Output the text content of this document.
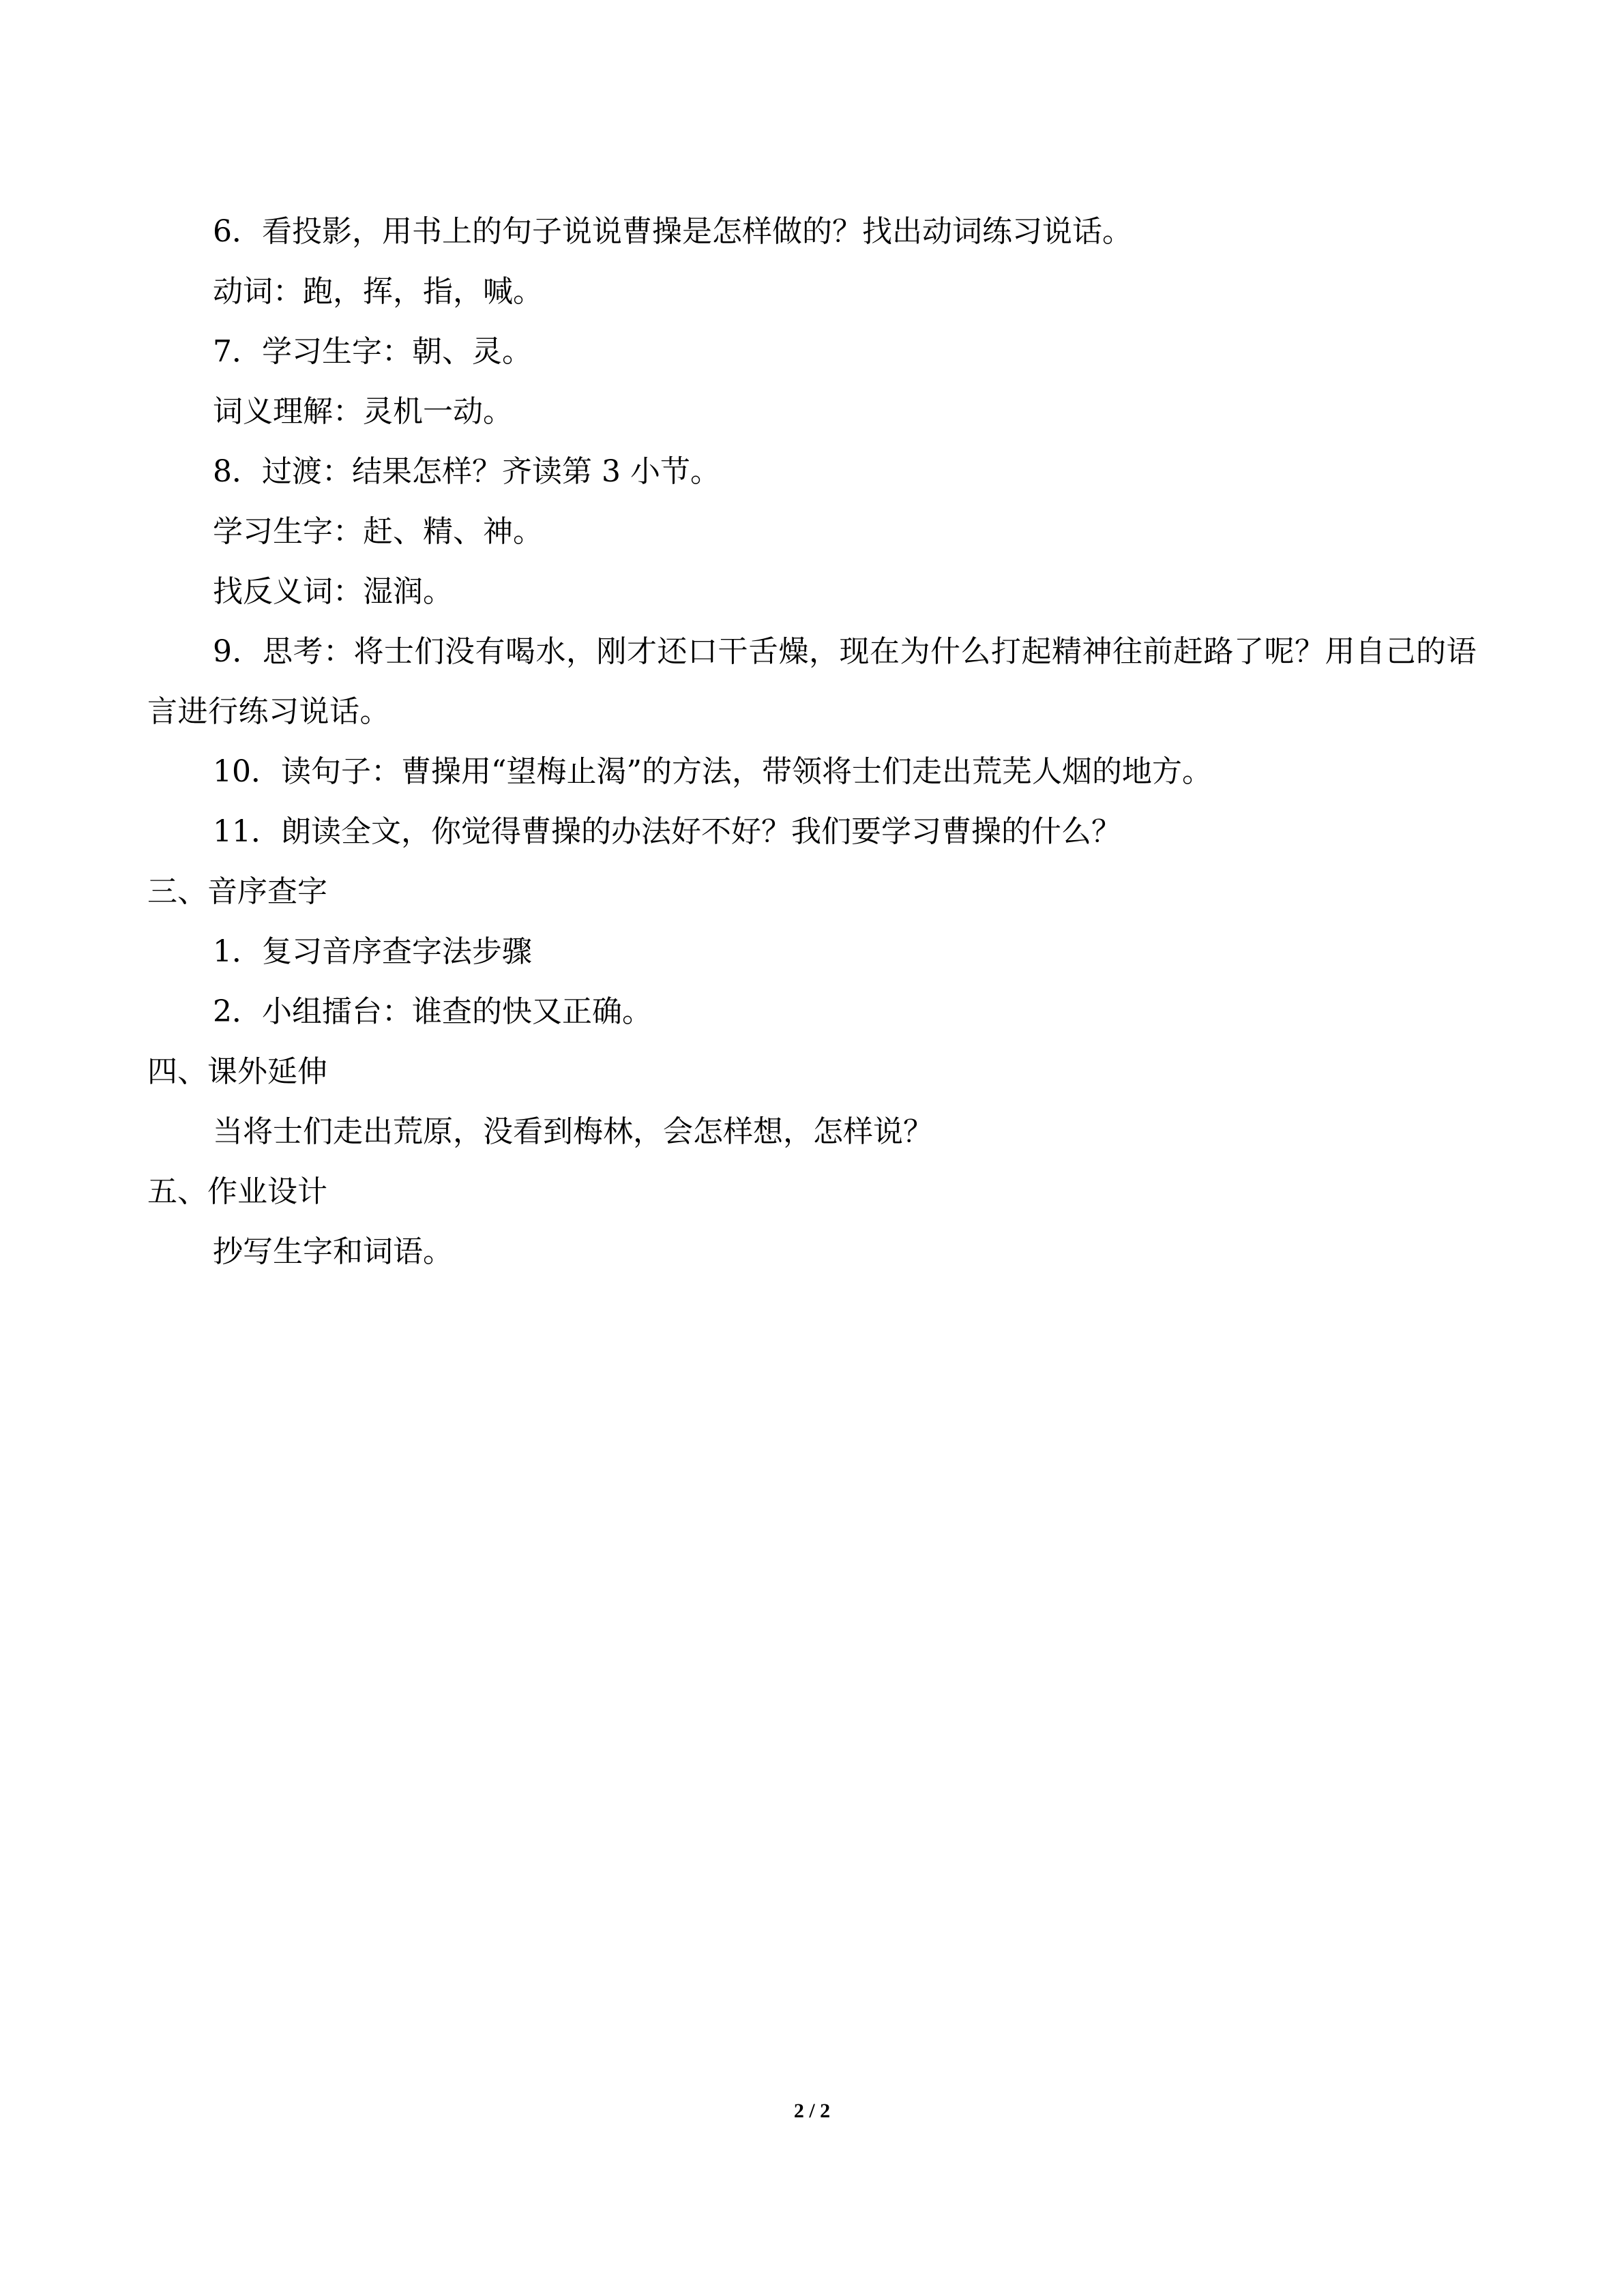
6．看投影，用书上的句子说说曹操是怎样做的？找出动词练习说话。

动词：跑，挥，指，喊。

7．学习生字：朝、灵。

词义理解：灵机一动。

8．过渡：结果怎样？齐读第 3 小节。

学习生字：赶、精、神。

找反义词：湿润。

9．思考：将士们没有喝水，刚才还口干舌燥，现在为什么打起精神往前赶路了呢？用自己的语言进行练习说话。

10．读句子：曹操用“望梅止渴”的方法，带领将士们走出荒芜人烟的地方。

11．朗读全文，你觉得曹操的办法好不好？我们要学习曹操的什么？

三、音序查字

1．复习音序查字法步骤

2．小组擂台：谁查的快又正确。

四、课外延伸

当将士们走出荒原，没看到梅林，会怎样想，怎样说？

五、作业设计

抄写生字和词语。

2 / 2
